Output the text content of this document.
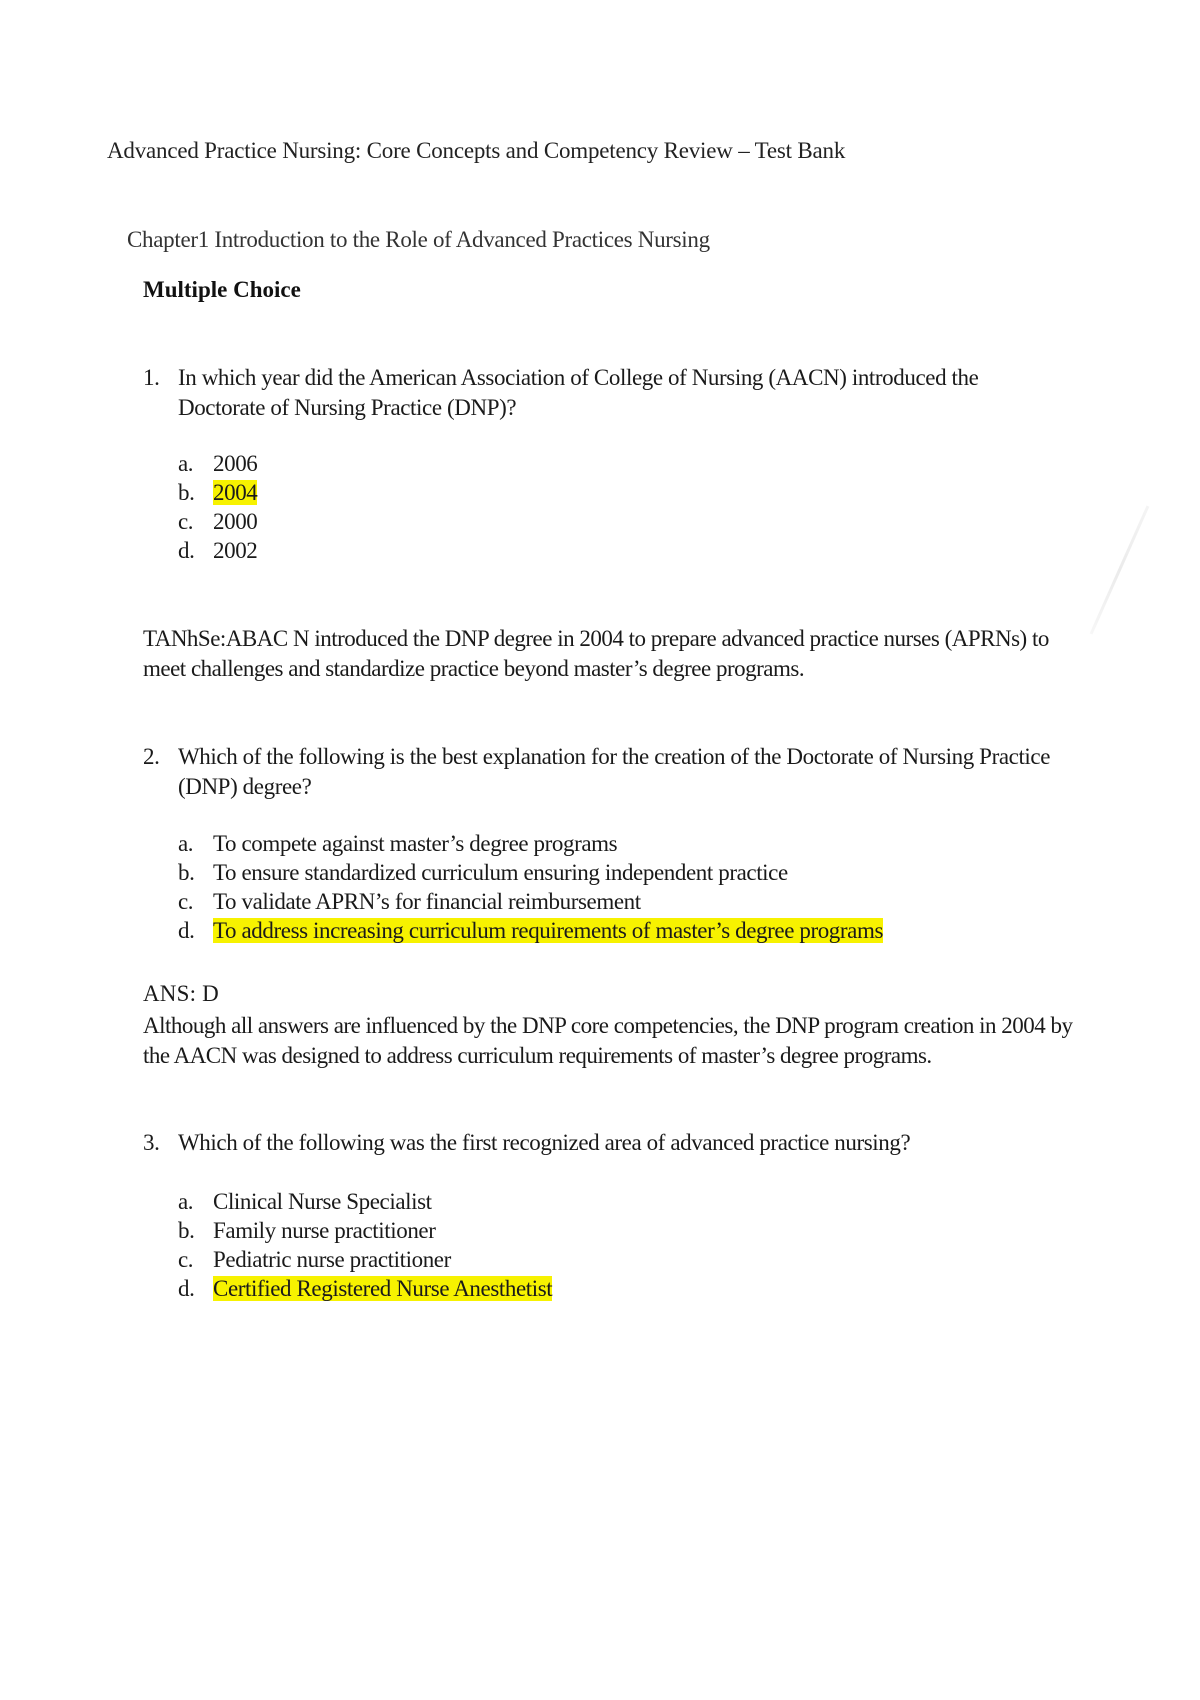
Advanced Practice Nursing: Core Concepts and Competency Review – Test Bank
Chapter1 Introduction to the Role of Advanced Practices Nursing
Multiple Choice
1. In which year did the American Association of College of Nursing (AACN) introduced the Doctorate of Nursing Practice (DNP)?
a. 2006
b. 2004
c. 2000
d. 2002
TANhSe:ABAC N introduced the DNP degree in 2004 to prepare advanced practice nurses (APRNs) to meet challenges and standardize practice beyond master’s degree programs.
2. Which of the following is the best explanation for the creation of the Doctorate of Nursing Practice (DNP) degree?
a. To compete against master’s degree programs
b. To ensure standardized curriculum ensuring independent practice
c. To validate APRN’s for financial reimbursement
d. To address increasing curriculum requirements of master’s degree programs
ANS: D
Although all answers are influenced by the DNP core competencies, the DNP program creation in 2004 by the AACN was designed to address curriculum requirements of master’s degree programs.
3. Which of the following was the first recognized area of advanced practice nursing?
a. Clinical Nurse Specialist
b. Family nurse practitioner
c. Pediatric nurse practitioner
d. Certified Registered Nurse Anesthetist
